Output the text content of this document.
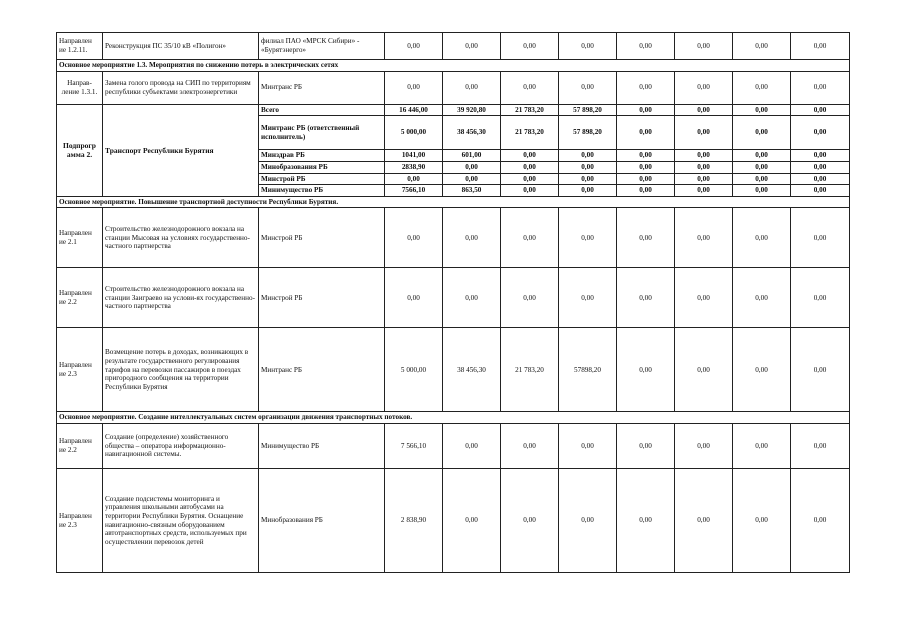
Направлен ие 1.2.11.	Реконструкция ПС 35/10 кВ «Полигон»	филиал ПАО «МРСК Сибири» - «Бурятэнерго»	0,00	0,00	0,00	0,00	0,00	0,00	0,00	0,00
Основное мероприятие 1.3. Мероприятия по снижению потерь в электрических сетях										
Направ-ление 1.3.1.	Замена голого провода на СИП по территориям республики субъектами электроэнергетики	Минтранс РБ	0,00	0,00	0,00	0,00	0,00	0,00	0,00	0,00
Подпрогр амма 2.	Транспорт Республики Бурятия	Всего	16 446,00	39 920,80	21 783,20	57 898,20	0,00	0,00	0,00	0,00
		Минтранс РБ (ответственный исполнитель)	5 000,00	38 456,30	21 783,20	57 898,20	0,00	0,00	0,00	0,00
		Минздрав РБ	1041,00	601,00	0,00	0,00	0,00	0,00	0,00	0,00
		Минобразования РБ	2838,90	0,00	0,00	0,00	0,00	0,00	0,00	0,00
		Минстрой РБ	0,00	0,00	0,00	0,00	0,00	0,00	0,00	0,00
		Минимущество РБ	7566,10	863,50	0,00	0,00	0,00	0,00	0,00	0,00
Основное мероприятие. Повышение транспортной доступности Республики Бурятия.										
Направлен ие 2.1	Строительство железнодорожного вокзала на станции Мысовая на условиях государственно-частного партнерства	Минстрой РБ	0,00	0,00	0,00	0,00	0,00	0,00	0,00	0,00
Направлен ие 2.2	Строительство железнодорожного вокзала на станции Заиграево на услови-ях государственно-частного партнерства	Минстрой РБ	0,00	0,00	0,00	0,00	0,00	0,00	0,00	0,00
Направлен ие 2.3	Возмещение потерь в доходах, возникающих в результате государственного регулирования тарифов на перевозки пассажиров в поездах пригородного сообщения на территории Республики Бурятия	Минтранс РБ	5 000,00	38 456,30	21 783,20	57898,20	0,00	0,00	0,00	0,00
Основное мероприятие. Создание интеллектуальных систем организации движения транспортных потоков.										
Направлен ие 2.2	Создание (определение) хозяйственного общества – оператора информационно-навигационной системы.	Минимущество РБ	7 566,10	0,00	0,00	0,00	0,00	0,00	0,00	0,00
Направлен ие 2.3	Создание подсистемы мониторинга и управления школьными автобусами на территории Республики Бурятия. Оснащение навигационно-связным оборудованием автотранспортных средств, используемых при осуществлении перевозок детей	Минобразования РБ	2 838,90	0,00	0,00	0,00	0,00	0,00	0,00	0,00
